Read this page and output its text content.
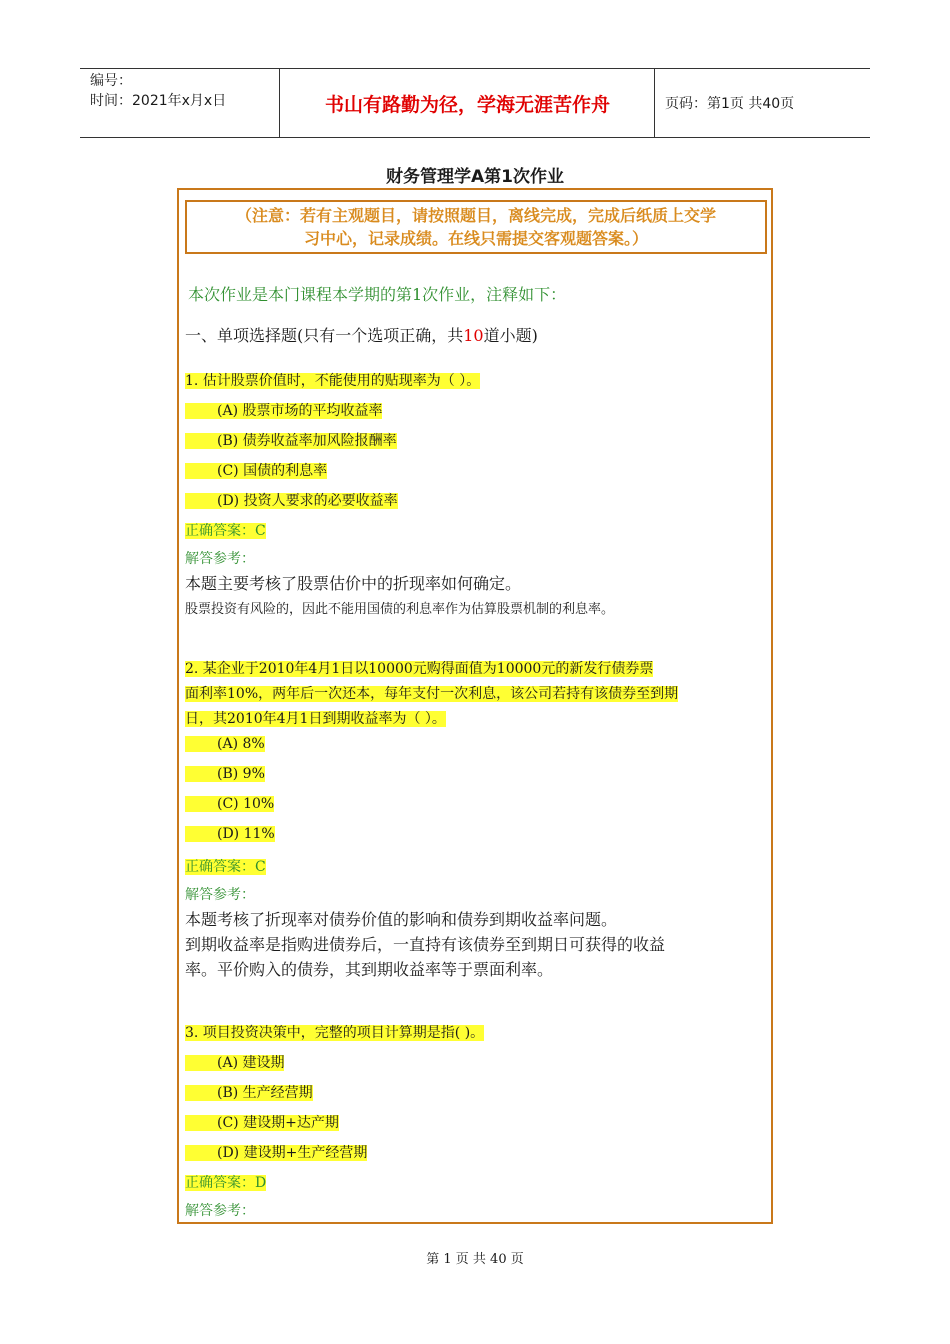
编号：
时间：2021年x月x日	书山有路勤为径，学海无涯苦作舟	页码：第1页 共40页
财务管理学A第1次作业
（注意：若有主观题目，请按照题目，离线完成，完成后纸质上交学
习中心，记录成绩。在线只需提交客观题答案。）
本次作业是本门课程本学期的第1次作业，注释如下：
一、单项选择题(只有一个选项正确，共10道小题)
1. 估计股票价值时，不能使用的贴现率为（ ）。
(A) 股票市场的平均收益率
(B) 债券收益率加风险报酬率
(C) 国债的利息率
(D) 投资人要求的必要收益率
正确答案：C
解答参考：
本题主要考核了股票估价中的折现率如何确定。
股票投资有风险的，因此不能用国债的利息率作为估算股票机制的利息率。
2. 某企业于2010年4月1日以10000元购得面值为10000元的新发行债券票
面利率10%，两年后一次还本，每年支付一次利息，该公司若持有该债券至到期
日，其2010年4月1日到期收益率为（ ）。
(A) 8%
(B) 9%
(C) 10%
(D) 11%
正确答案：C
解答参考：
本题考核了折现率对债券价值的影响和债券到期收益率问题。
到期收益率是指购进债券后，一直持有该债券至到期日可获得的收益
率。平价购入的债券，其到期收益率等于票面利率。
3. 项目投资决策中，完整的项目计算期是指( )。
(A) 建设期
(B) 生产经营期
(C) 建设期+达产期
(D) 建设期+生产经营期
正确答案：D
解答参考：
第 1 页 共 40 页
